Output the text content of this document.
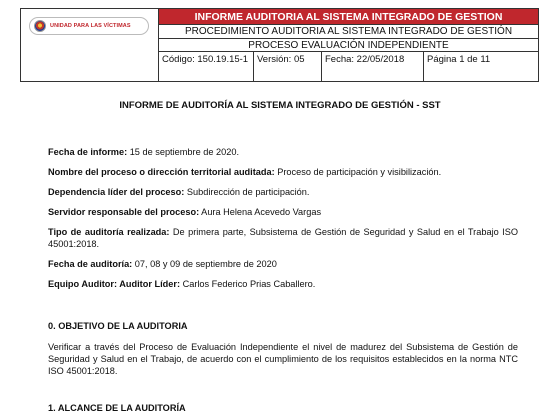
UNIDAD PARA LAS VÍCTIMAS
INFORME AUDITORIA AL SISTEMA INTEGRADO DE GESTION
PROCEDIMIENTO AUDITORIA AL SISTEMA INTEGRADO DE GESTIÓN
PROCESO EVALUACIÓN INDEPENDIENTE
Código: 150.19.15-1 Versión: 05	Fecha: 22/05/2018	Página 1 de 11
INFORME DE AUDITORÍA AL SISTEMA INTEGRADO DE GESTIÓN - SST
Fecha de informe: 15 de septiembre de 2020.
Nombre del proceso o dirección territorial auditada: Proceso de participación y visibilización.
Dependencia líder del proceso: Subdirección de participación.
Servidor responsable del proceso: Aura Helena Acevedo Vargas
Tipo de auditoría realizada: De primera parte, Subsistema de Gestión de Seguridad y Salud en el Trabajo ISO 45001:2018.
Fecha de auditoría: 07, 08 y 09 de septiembre de 2020
Equipo Auditor: Auditor Líder: Carlos Federico Prias Caballero.
0. OBJETIVO DE LA AUDITORIA
Verificar a través del Proceso de Evaluación Independiente el nivel de madurez del Subsistema de Gestión de Seguridad y Salud en el Trabajo, de acuerdo con el cumplimiento de los requisitos establecidos en la norma NTC ISO 45001:2018.
1. ALCANCE DE LA AUDITORÍA
